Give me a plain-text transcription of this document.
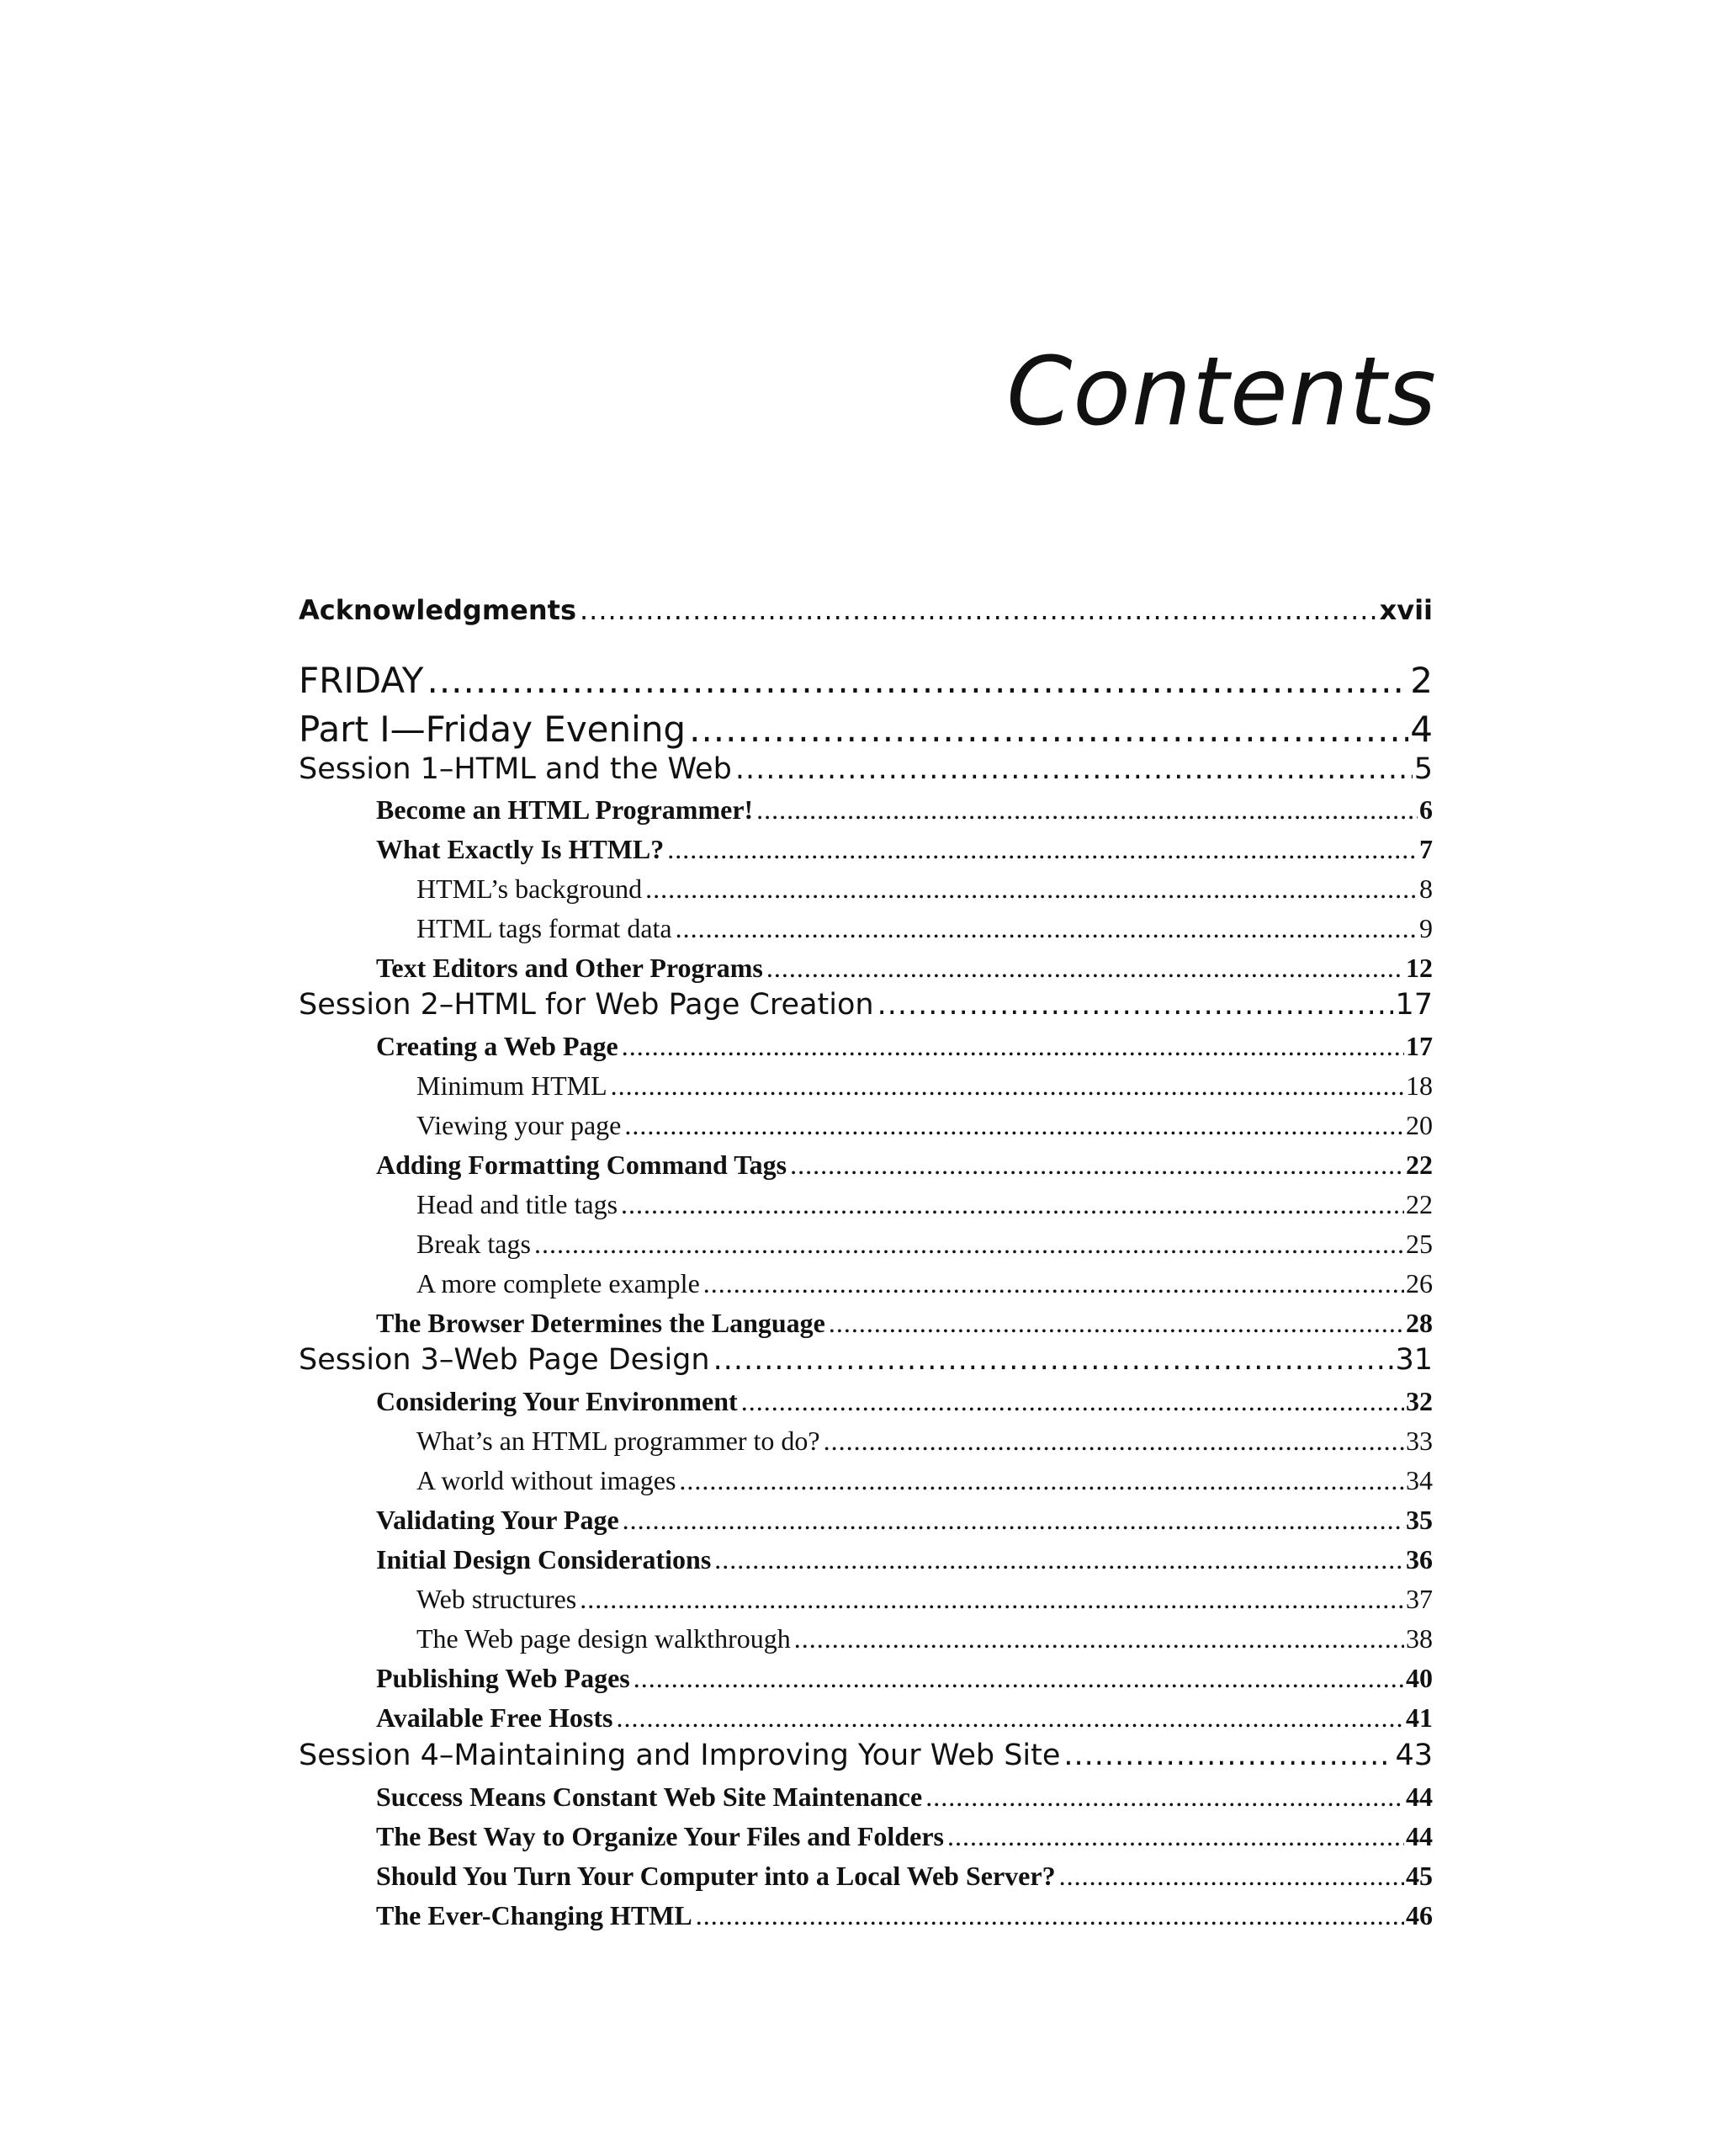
Contents
Acknowledgments .....	xvii
FRIDAY .....	2
Part I—Friday Evening .....	4
Session 1–HTML and the Web .....	5
Become an HTML Programmer! .....	6
What Exactly Is HTML? .....	7
HTML’s background .....	8
HTML tags format data .....	9
Text Editors and Other Programs .....	12
Session 2–HTML for Web Page Creation .....	17
Creating a Web Page .....	17
Minimum HTML .....	18
Viewing your page .....	20
Adding Formatting Command Tags .....	22
Head and title tags .....	22
Break tags .....	25
A more complete example .....	26
The Browser Determines the Language .....	28
Session 3–Web Page Design .....	31
Considering Your Environment .....	32
What’s an HTML programmer to do? .....	33
A world without images .....	34
Validating Your Page .....	35
Initial Design Considerations .....	36
Web structures .....	37
The Web page design walkthrough .....	38
Publishing Web Pages .....	40
Available Free Hosts .....	41
Session 4–Maintaining and Improving Your Web Site .....	43
Success Means Constant Web Site Maintenance .....	44
The Best Way to Organize Your Files and Folders .....	44
Should You Turn Your Computer into a Local Web Server? .....	45
The Ever-Changing HTML .....	46
